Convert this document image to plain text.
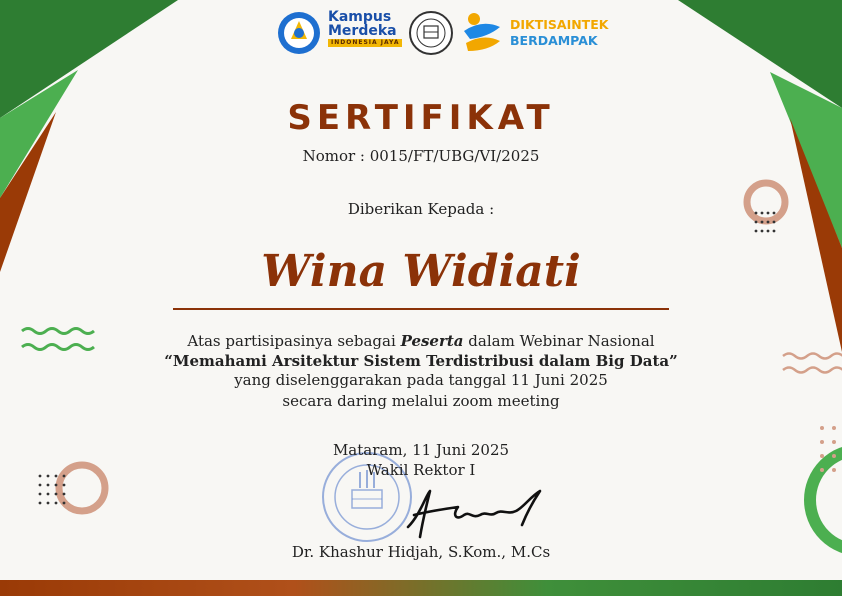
Kampus
Merdeka
INDONESIA JAYA
DIKTISAINTEK
BERDAMPAK
SERTIFIKAT
Nomor : 0015/FT/UBG/VI/2025
Diberikan Kepada :
Wina Widiati
Atas partisipasinya sebagai Peserta dalam Webinar Nasional
“Memahami Arsitektur Sistem Terdistribusi dalam Big Data”
yang diselenggarakan pada tanggal 11 Juni 2025
secara daring melalui zoom meeting
Mataram, 11 Juni 2025
Wakil Rektor I
Dr. Khashur Hidjah, S.Kom., M.Cs
